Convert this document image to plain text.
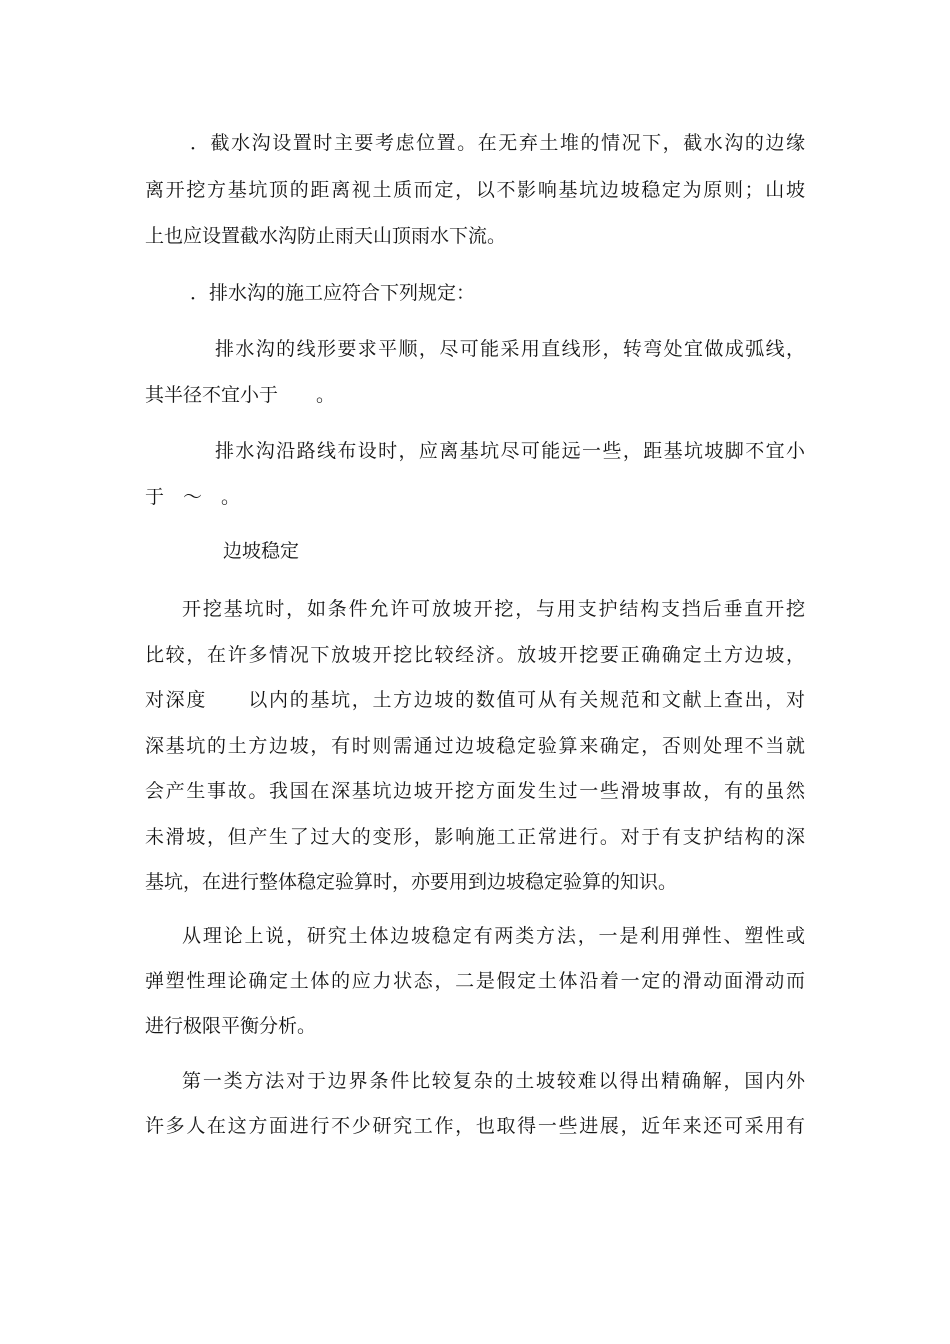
．截水沟设置时主要考虑位置。在无弃土堆的情况下，截水沟的边缘
离开挖方基坑顶的距离视土质而定，以不影响基坑边坡稳定为原则；山坡
上也应设置截水沟防止雨天山顶雨水下流。
．排水沟的施工应符合下列规定：
排水沟的线形要求平顺，尽可能采用直线形，转弯处宜做成弧线，
其半径不宜小于　　。
排水沟沿路线布设时，应离基坑尽可能远一些，距基坑坡脚不宜小
于　～　。
边坡稳定
开挖基坑时，如条件允许可放坡开挖，与用支护结构支挡后垂直开挖
比较，在许多情况下放坡开挖比较经济。放坡开挖要正确确定土方边坡，
对深度　　以内的基坑，土方边坡的数值可从有关规范和文献上查出，对
深基坑的土方边坡，有时则需通过边坡稳定验算来确定，否则处理不当就
会产生事故。我国在深基坑边坡开挖方面发生过一些滑坡事故，有的虽然
未滑坡，但产生了过大的变形，影响施工正常进行。对于有支护结构的深
基坑，在进行整体稳定验算时，亦要用到边坡稳定验算的知识。
从理论上说，研究土体边坡稳定有两类方法，一是利用弹性、塑性或
弹塑性理论确定土体的应力状态，二是假定土体沿着一定的滑动面滑动而
进行极限平衡分析。
第一类方法对于边界条件比较复杂的土坡较难以得出精确解，国内外
许多人在这方面进行不少研究工作，也取得一些进展，近年来还可采用有
